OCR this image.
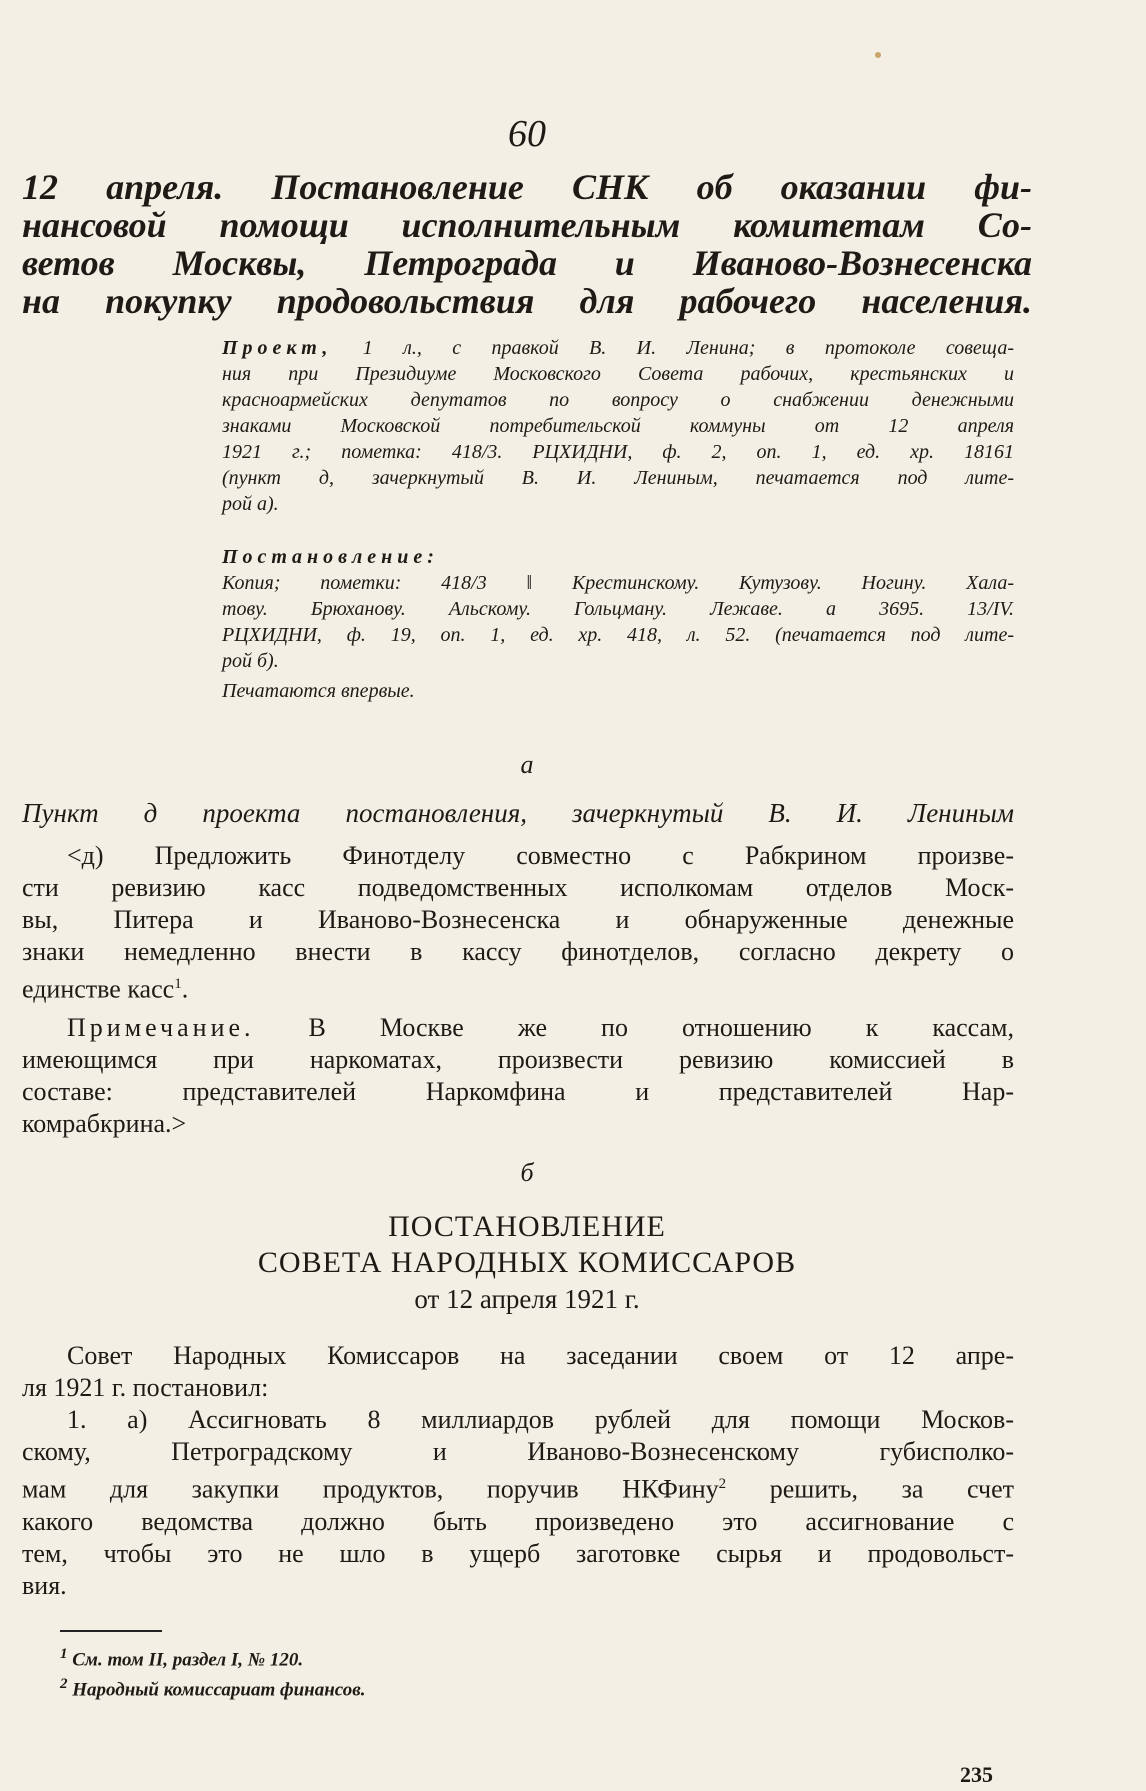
60
12 апреля. Постановление СНК об оказании фи-
нансовой помощи исполнительным комитетам Со-
ветов Москвы, Петрограда и Иваново-Вознесенска
на покупку продовольствия для рабочего населения.
Проект, 1 л., с правкой В. И. Ленина; в протоколе совеща-
ния при Президиуме Московского Совета рабочих, крестьянских и
красноармейских депутатов по вопросу о снабжении денежными
знаками Московской потребительской коммуны от 12 апреля
1921 г.; пометка: 418/3. РЦХИДНИ, ф. 2, оп. 1, ед. хр. 18161
(пункт д, зачеркнутый В. И. Лениным, печатается под лите-
рой а).
Постановление:
Копия; пометки: 418/3 ‖ Крестинскому. Кутузову. Ногину. Хала-
тову. Брюханову. Альскому. Гольцману. Лежаве. а 3695. 13/IV.
РЦХИДНИ, ф. 19, оп. 1, ед. хр. 418, л. 52. (печатается под лите-
рой б).
Печатаются впервые.
а
Пункт д проекта постановления, зачеркнутый В. И. Лениным
<д) Предложить Финотделу совместно с Рабкрином произве-
сти ревизию касс подведомственных исполкомам отделов Моск-
вы, Питера и Иваново-Вознесенска и обнаруженные денежные
знаки немедленно внести в кассу финотделов, согласно декрету о
единстве касс$^1$.
Примечание. В Москве же по отношению к кассам,
имеющимся при наркоматах, произвести ревизию комиссией в
составе: представителей Наркомфина и представителей Нар-
комрабкрина.>
б
ПОСТАНОВЛЕНИЕ
СОВЕТА НАРОДНЫХ КОМИССАРОВ
от 12 апреля 1921 г.
Совет Народных Комиссаров на заседании своем от 12 апре-
ля 1921 г. постановил:
1. а) Ассигновать 8 миллиардов рублей для помощи Москов-
скому, Петроградскому и Иваново-Вознесенскому губисполко-
мам для закупки продуктов, поручив НКФину$^2$ решить, за счет
какого ведомства должно быть произведено это ассигнование с
тем, чтобы это не шло в ущерб заготовке сырья и продовольст-
вия.
$^1$ См. том II, раздел I, № 120.
$^2$ Народный комиссариат финансов.
235
